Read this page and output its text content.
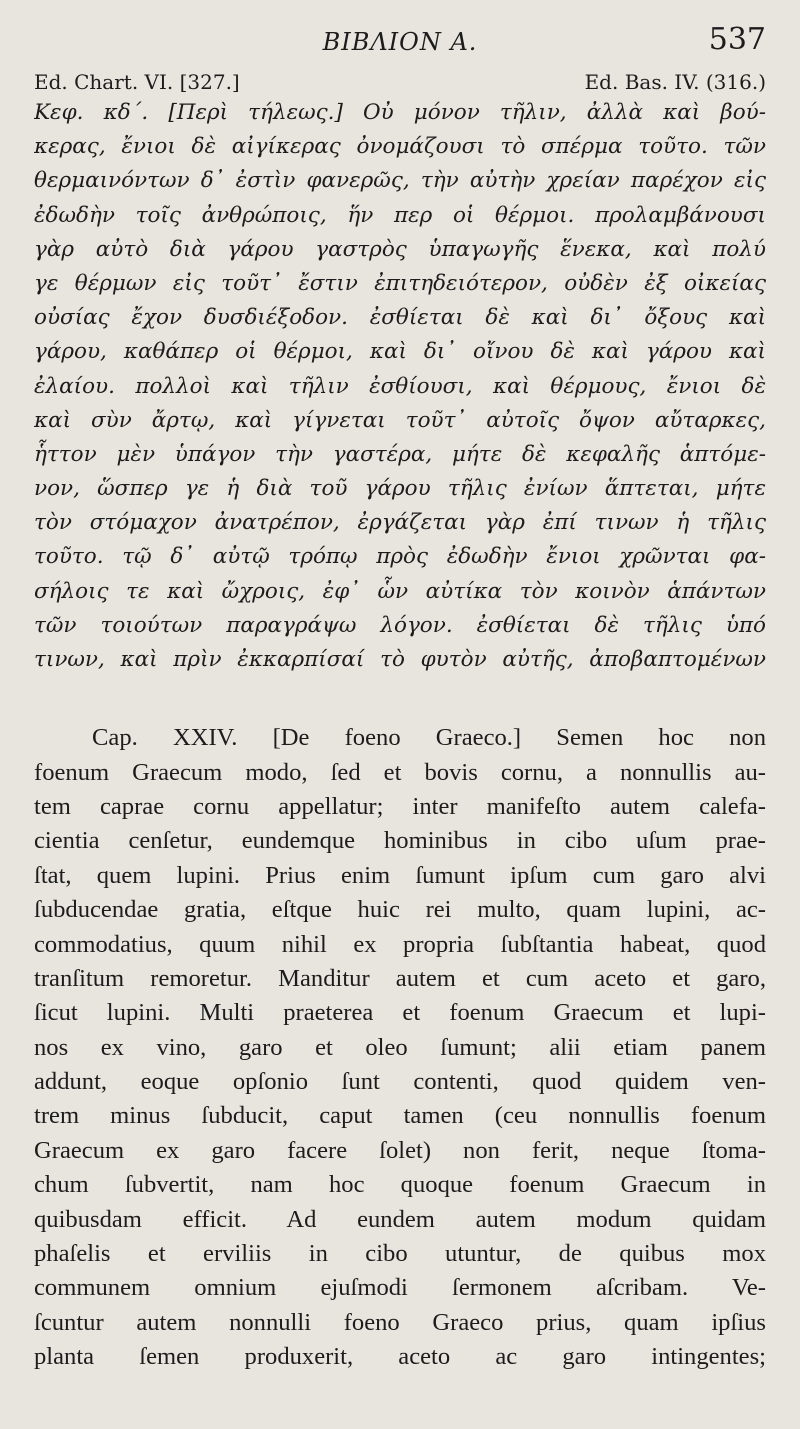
ΒΙΒΛΙΟΝ Α.	537
Ed. Chart. VI. [327.]	Ed. Bas. IV. (316.)
Κεφ. κδ΄. [Περὶ τήλεως.] Οὐ μόνον τῆλιν, ἀλλὰ καὶ βού-
κερας, ἔνιοι δὲ αἰγίκερας ὀνομάζουσι τὸ σπέρμα τοῦτο. τῶν
θερμαινόντων δ᾽ ἐστὶν φανερῶς, τὴν αὐτὴν χρείαν παρέχον εἰς
ἐδωδὴν τοῖς ἀνθρώποις, ἥν περ οἱ θέρμοι. προλαμβάνουσι
γὰρ αὐτὸ διὰ γάρου γαστρὸς ὑπαγωγῆς ἕνεκα, καὶ πολύ
γε θέρμων εἰς τοῦτ᾽ ἔστιν ἐπιτηδειότερον, οὐδὲν ἐξ οἰκείας
οὐσίας ἔχον δυσδιέξοδον. ἐσθίεται δὲ καὶ δι᾽ ὄξους καὶ
γάρου, καθάπερ οἱ θέρμοι, καὶ δι᾽ οἴνου δὲ καὶ γάρου καὶ
ἐλαίου. πολλοὶ καὶ τῆλιν ἐσθίουσι, καὶ θέρμους, ἔνιοι δὲ
καὶ σὺν ἄρτῳ, καὶ γίγνεται τοῦτ᾽ αὐτοῖς ὄψον αὔταρκες,
ἧττον μὲν ὑπάγον τὴν γαστέρα, μήτε δὲ κεφαλῆς ἁπτόμε-
νον, ὥσπερ γε ἡ διὰ τοῦ γάρου τῆλις ἐνίων ἅπτεται, μήτε
τὸν στόμαχον ἀνατρέπον, ἐργάζεται γὰρ ἐπί τινων ἡ τῆλις
τοῦτο. τῷ δ᾽ αὐτῷ τρόπῳ πρὸς ἐδωδὴν ἔνιοι χρῶνται φα-
σήλοις τε καὶ ὤχροις, ἐφ᾽ ὧν αὐτίκα τὸν κοινὸν ἁπάντων
τῶν τοιούτων παραγράψω λόγον. ἐσθίεται δὲ τῆλις ὑπό
τινων, καὶ πρὶν ἐκκαρπίσαί τὸ φυτὸν αὐτῆς, ἀποβαπτομένων
Cap. XXIV. [De foeno Graeco.] Semen hoc non
foenum Graecum modo, ſed et bovis cornu, a nonnullis au-
tem caprae cornu appellatur; inter manifeſto autem calefa-
cientia cenſetur, eundemque hominibus in cibo uſum prae-
ſtat, quem lupini. Prius enim ſumunt ipſum cum garo alvi
ſubducendae gratia, eſtque huic rei multo, quam lupini, ac-
commodatius, quum nihil ex propria ſubſtantia habeat, quod
tranſitum remoretur. Manditur autem et cum aceto et garo,
ſicut lupini. Multi praeterea et foenum Graecum et lupi-
nos ex vino, garo et oleo ſumunt; alii etiam panem
addunt, eoque opſonio ſunt contenti, quod quidem ven-
trem minus ſubducit, caput tamen (ceu nonnullis foenum
Graecum ex garo facere ſolet) non ferit, neque ſtoma-
chum ſubvertit, nam hoc quoque foenum Graecum in
quibusdam efficit. Ad eundem autem modum quidam
phaſelis et erviliis in cibo utuntur, de quibus mox
communem omnium ejuſmodi ſermonem aſcribam. Ve-
ſcuntur autem nonnulli foeno Graeco prius, quam ipſius
planta ſemen produxerit, aceto ac garo intingentes;
